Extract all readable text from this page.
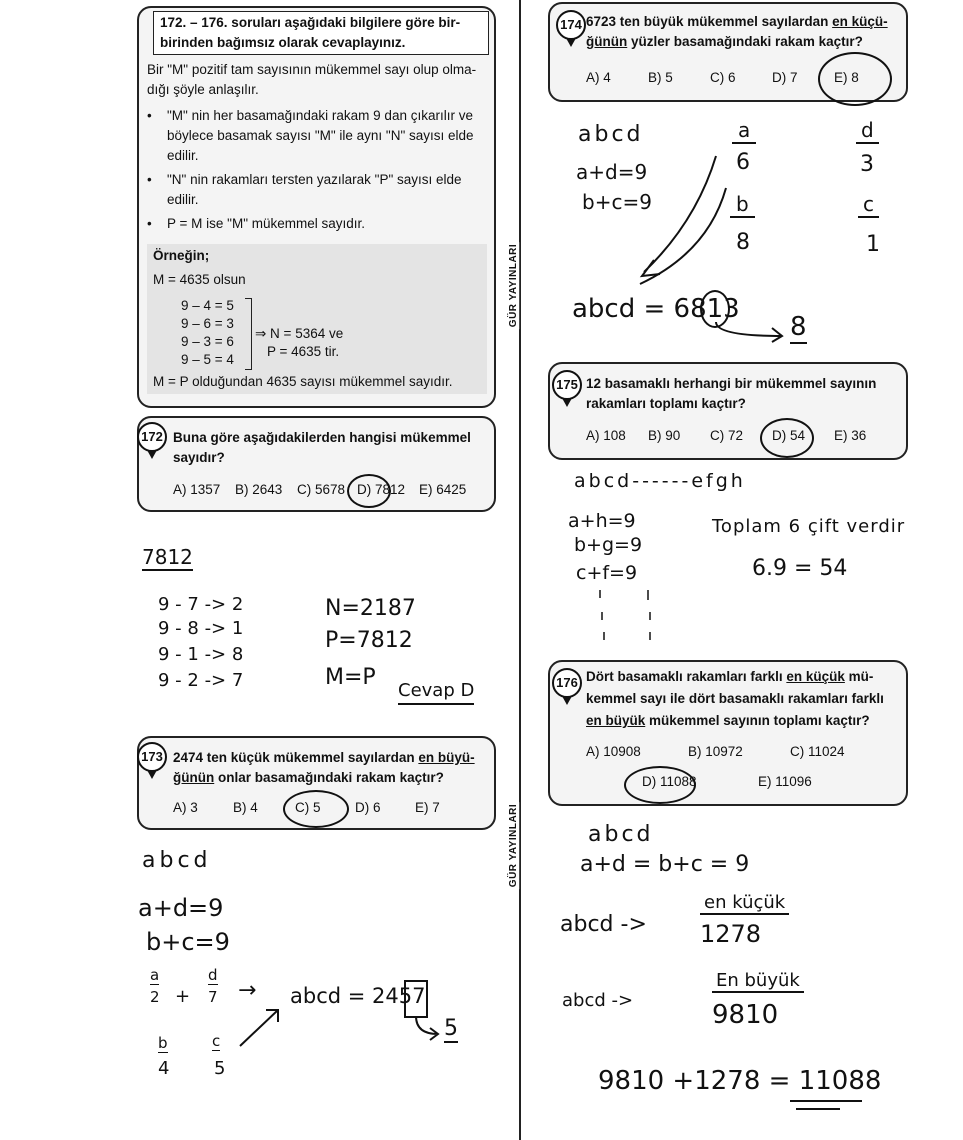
GÜR YAYINLARI
GÜR YAYINLARI
172. – 176. soruları aşağıdaki bilgilere göre bir-birinden bağımsız olarak cevaplayınız.
Bir "M" pozitif tam sayısının mükemmel sayı olup olma-dığı şöyle anlaşılır.
• "M" nin her basamağındaki rakam 9 dan çıkarılır ve böylece basamak sayısı "M" ile aynı "N" sayısı elde edilir.
• "N" nin rakamları tersten yazılarak "P" sayısı elde edilir.
• P = M ise "M" mükemmel sayıdır.
Örneğin;
M = 4635 olsun
9 – 4 = 5
9 – 6 = 3
9 – 3 = 6
9 – 5 = 4
⇒ N = 5364 ve
P = 4635 tir.
M = P olduğundan 4635 sayısı mükemmel sayıdır.
172 Buna göre aşağıdakilerden hangisi mükemmel sayıdır?
A) 1357 B) 2643 C) 5678 D) 7812 E) 6425
7812
9 - 7 -> 2
9 - 8 -> 1
9 - 1 -> 8
9 - 2 -> 7
N=2187
P=7812
M=P
Cevap D
173 2474 ten küçük mükemmel sayılardan en büyü-ğünün onlar basamağındaki rakam kaçtır?
A) 3	B) 4	C) 5	D) 6	E) 7
abcd
a+d=9
b+c=9
a
2 +
d
7 → abcd = 2457
5
b
4
c
5
174 6723 ten büyük mükemmel sayılardan en küçü-ğünün yüzler basamağındaki rakam kaçtır?
A) 4	B) 5	C) 6	D) 7	E) 8
abcd
a+d=9
b+c=9
a
6
d
3
b
8
c
1
abcd = 6813
8
175 12 basamaklı herhangi bir mükemmel sayının rakamları toplamı kaçtır?
A) 108 B) 90 C) 72 D) 54 E) 36
abcd------efgh
a+h=9
b+g=9
c+f=9
Toplam 6 çift verdir
6.9 = 54
176 Dört basamaklı rakamları farklı en küçük mü-kemmel sayı ile dört basamaklı rakamları farklı en büyük mükemmel sayının toplamı kaçtır?
A) 10908	B) 10972	C) 11024
D) 11088	E) 11096
abcd
a+d = b+c = 9
en küçük
abcd -> 1278
En büyük
abcd ->	9810
9810 +1278 = 11088
